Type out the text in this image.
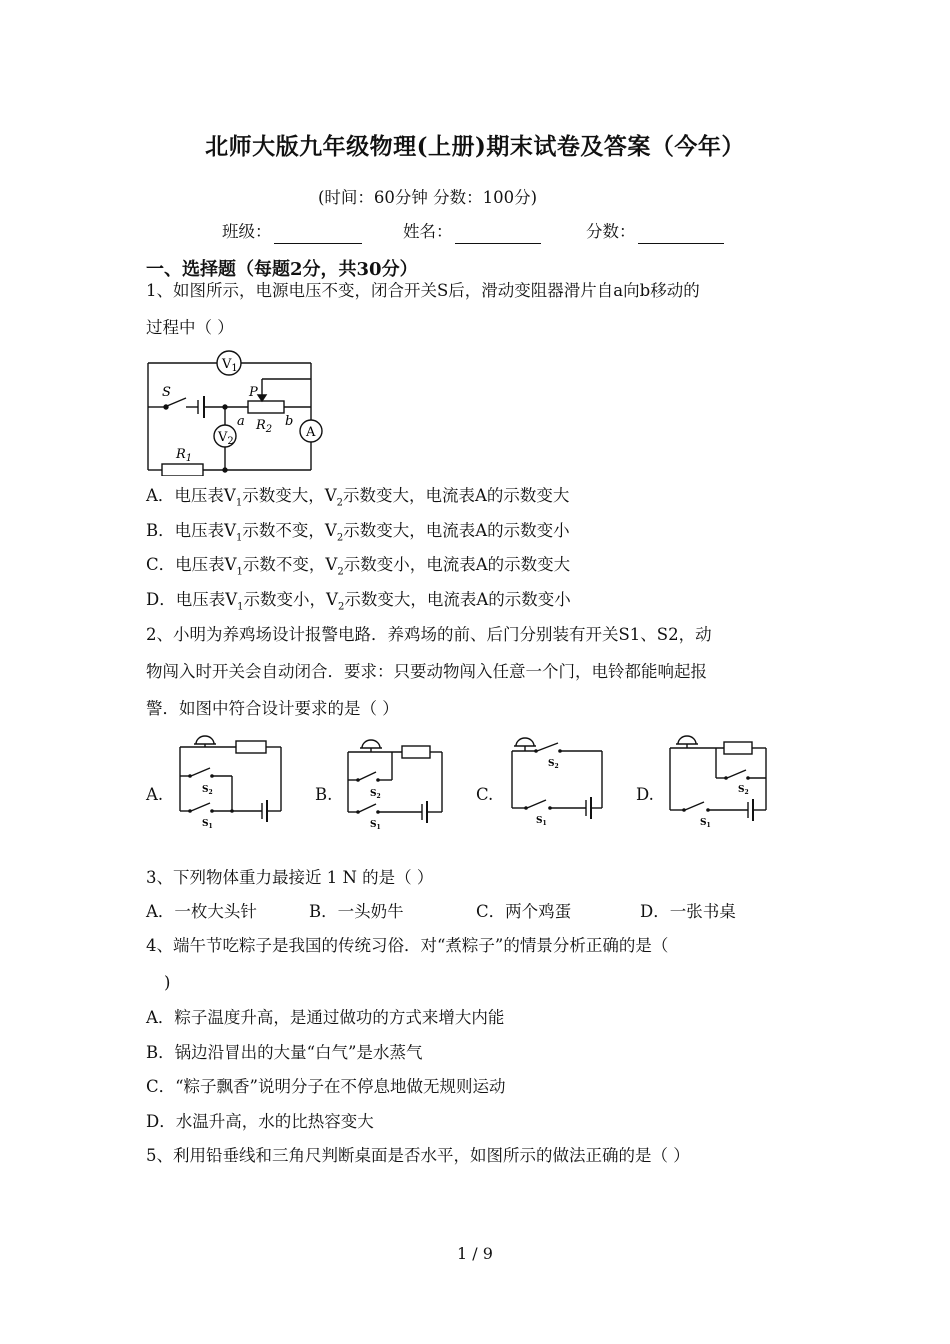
北师大版九年级物理(上册)期末试卷及答案（今年）
(时间：60分钟 分数：100分)
班级：	姓名：	分数：
一、选择题（每题2分，共30分）
1、如图所示，电源电压不变，闭合开关S后，滑动变阻器滑片自a向b移动的
过程中（ ）
$V_1$
$V_2$
A
S	P
a	b
$R_2$
$R_1$
A．电压表$V_1$示数变大，$V_2$示数变大，电流表A的示数变大
B．电压表$V_1$示数不变，$V_2$示数变大，电流表A的示数变小
C．电压表$V_1$示数不变，$V_2$示数变小，电流表A的示数变大
D．电压表$V_1$示数变小，$V_2$示数变大，电流表A的示数变小
2、小明为养鸡场设计报警电路．养鸡场的前、后门分别装有开关S1、S2，动
物闯入时开关会自动闭合．要求：只要动物闯入任意一个门，电铃都能响起报
警．如图中符合设计要求的是（ ）
A.	B.	C.	D.
$S_2$
$S_1$
$S_2$
$S_1$
$S_2$
$S_1$
$S_2$
$S_1$
3、下列物体重力最接近 1 N 的是（ ）
A．一枚大头针	B．一头奶牛	C．两个鸡蛋	D．一张书桌
4、端午节吃粽子是我国的传统习俗．对“煮粽子”的情景分析正确的是（
)
A．粽子温度升高，是通过做功的方式来增大内能
B．锅边沿冒出的大量“白气”是水蒸气
C．“粽子飘香”说明分子在不停息地做无规则运动
D．水温升高，水的比热容变大
5、利用铅垂线和三角尺判断桌面是否水平，如图所示的做法正确的是（ ）
1 / 9
